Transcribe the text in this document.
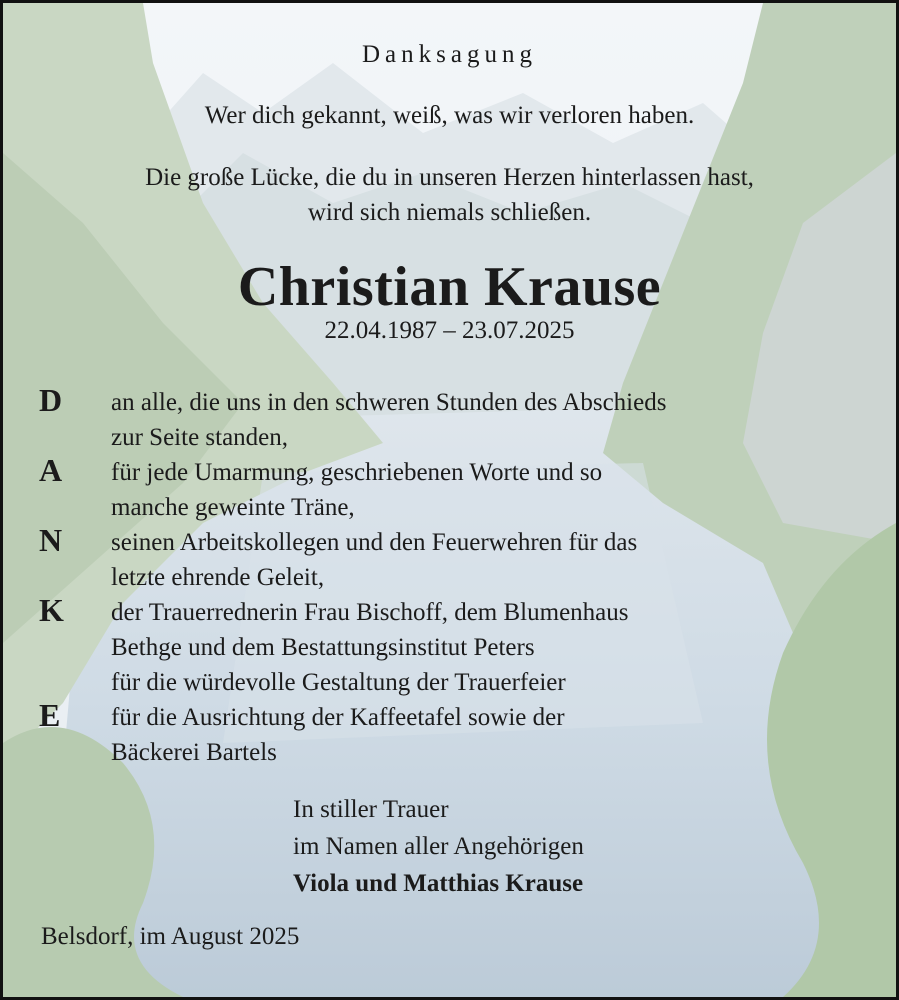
Danksagung
Wer dich gekannt, weiß, was wir verloren haben.
Die große Lücke, die du in unseren Herzen hinterlassen hast,
wird sich niemals schließen.
Christian Krause
22.04.1987 – 23.07.2025
D	an alle, die uns in den schweren Stunden des Abschieds
zur Seite standen,
A	für jede Umarmung, geschriebenen Worte und so
manche geweinte Träne,
N	seinen Arbeitskollegen und den Feuerwehren für das
letzte ehrende Geleit,
K	der Trauerrednerin Frau Bischoff, dem Blumenhaus
Bethge und dem Bestattungsinstitut Peters
für die würdevolle Gestaltung der Trauerfeier
E	für die Ausrichtung der Kaffeetafel sowie der
Bäckerei Bartels
In stiller Trauer
im Namen aller Angehörigen
Viola und Matthias Krause
Belsdorf, im August 2025
